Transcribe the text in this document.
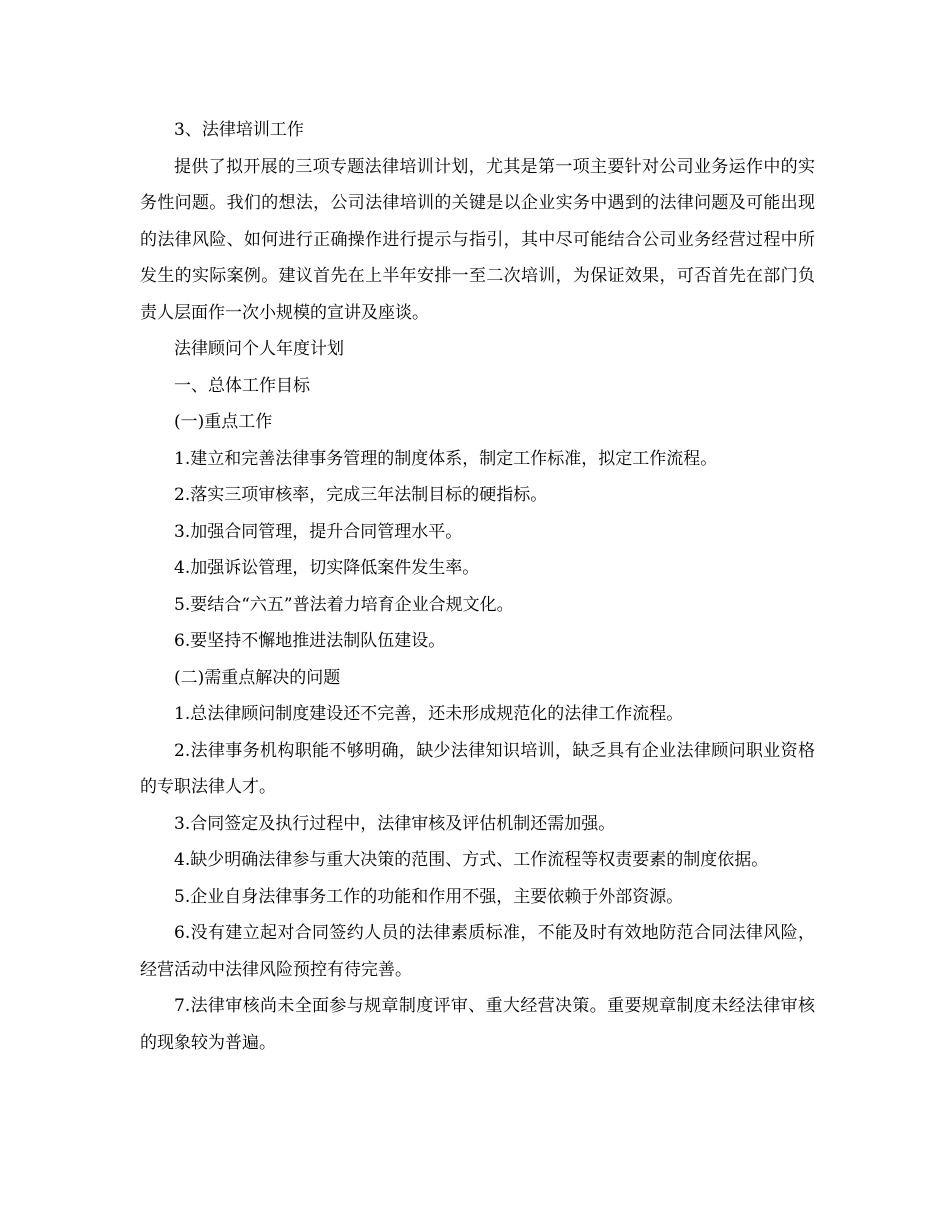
3、法律培训工作

提供了拟开展的三项专题法律培训计划，尤其是第一项主要针对公司业务运作中的实务性问题。我们的想法，公司法律培训的关键是以企业实务中遇到的法律问题及可能出现的法律风险、如何进行正确操作进行提示与指引，其中尽可能结合公司业务经营过程中所发生的实际案例。建议首先在上半年安排一至二次培训，为保证效果，可否首先在部门负责人层面作一次小规模的宣讲及座谈。

法律顾问个人年度计划

一、总体工作目标

(一)重点工作

1.建立和完善法律事务管理的制度体系，制定工作标准，拟定工作流程。

2.落实三项审核率，完成三年法制目标的硬指标。

3.加强合同管理，提升合同管理水平。

4.加强诉讼管理，切实降低案件发生率。

5.要结合“六五”普法着力培育企业合规文化。

6.要坚持不懈地推进法制队伍建设。

(二)需重点解决的问题

1.总法律顾问制度建设还不完善，还未形成规范化的法律工作流程。

2.法律事务机构职能不够明确，缺少法律知识培训，缺乏具有企业法律顾问职业资格的专职法律人才。

3.合同签定及执行过程中，法律审核及评估机制还需加强。

4.缺少明确法律参与重大决策的范围、方式、工作流程等权责要素的制度依据。

5.企业自身法律事务工作的功能和作用不强，主要依赖于外部资源。

6.没有建立起对合同签约人员的法律素质标准，不能及时有效地防范合同法律风险，经营活动中法律风险预控有待完善。

7.法律审核尚未全面参与规章制度评审、重大经营决策。重要规章制度未经法律审核的现象较为普遍。
